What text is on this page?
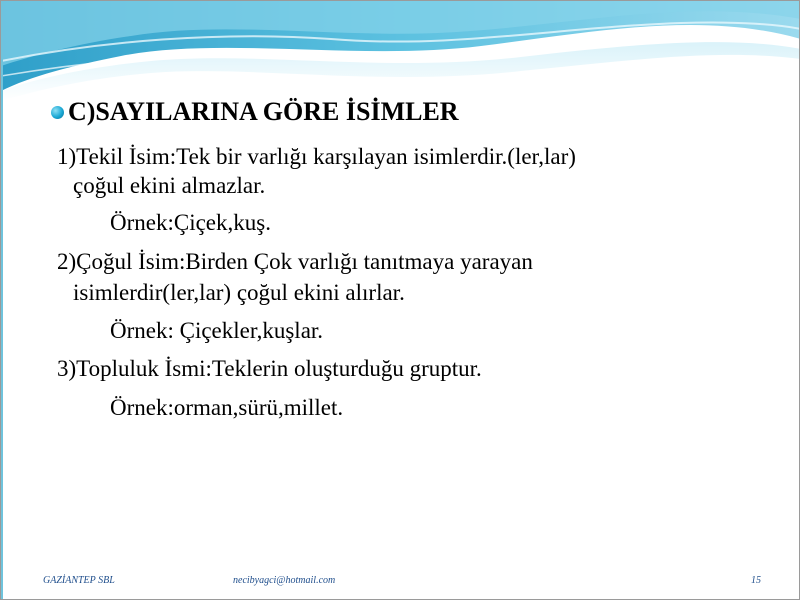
C)SAYILARINA GÖRE İSİMLER
1)Tekil İsim:Tek bir varlığı karşılayan isimlerdir.(ler,lar)
çoğul ekini almazlar.
Örnek:Çiçek,kuş.
2)Çoğul İsim:Birden Çok varlığı tanıtmaya yarayan
isimlerdir(ler,lar) çoğul ekini alırlar.
Örnek: Çiçekler,kuşlar.
3)Topluluk İsmi:Teklerin oluşturduğu gruptur.
Örnek:orman,sürü,millet.
GAZİANTEP SBL	necibyagci@hotmail.com	15
